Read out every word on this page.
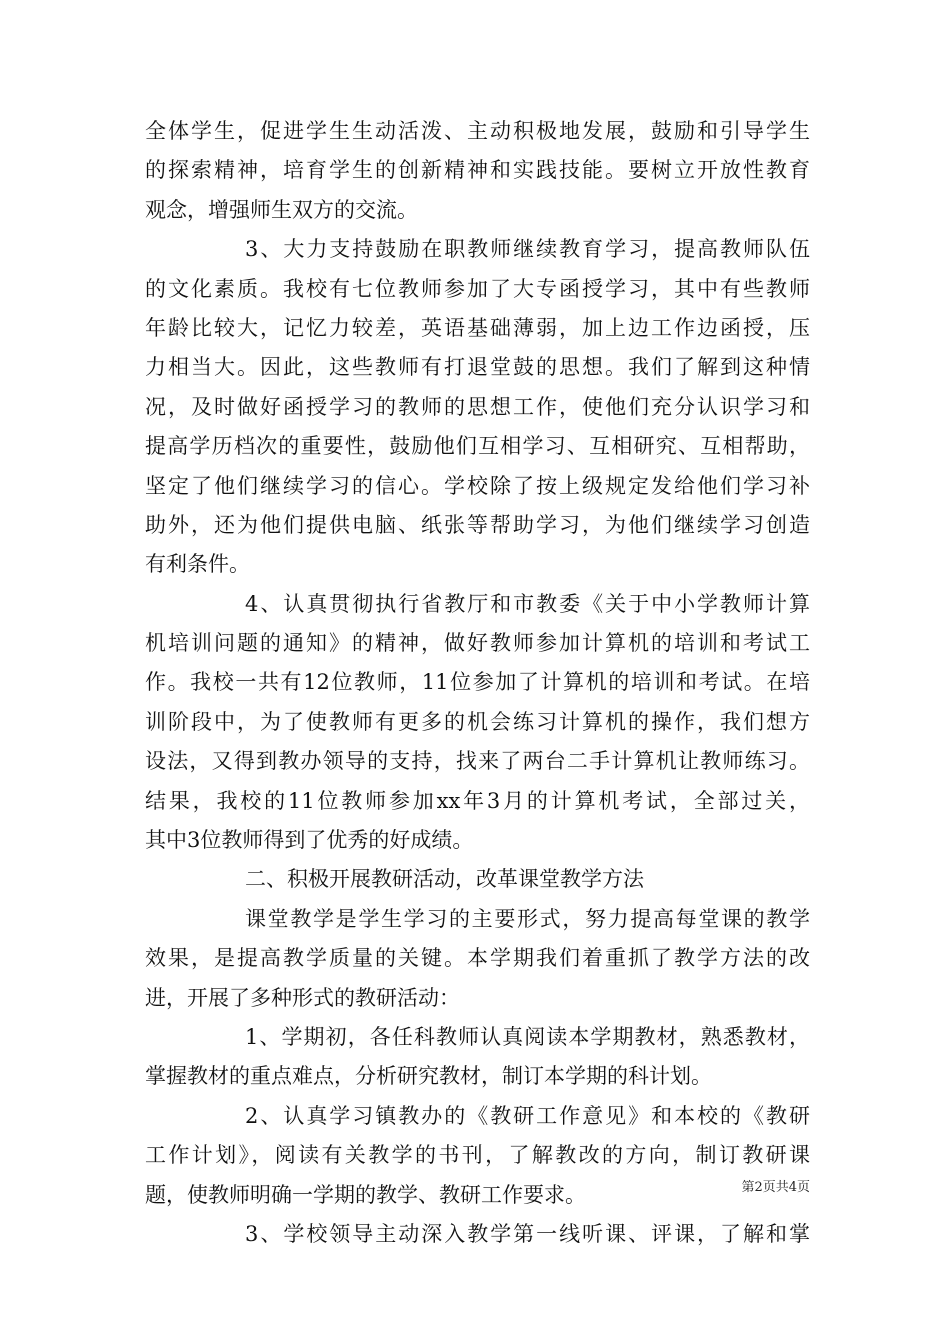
全体学生，促进学生生动活泼、主动积极地发展，鼓励和引导学生
的探索精神，培育学生的创新精神和实践技能。要树立开放性教育
观念，增强师生双方的交流。
3、大力支持鼓励在职教师继续教育学习，提高教师队伍
的文化素质。我校有七位教师参加了大专函授学习，其中有些教师
年龄比较大，记忆力较差，英语基础薄弱，加上边工作边函授，压
力相当大。因此，这些教师有打退堂鼓的思想。我们了解到这种情
况，及时做好函授学习的教师的思想工作，使他们充分认识学习和
提高学历档次的重要性，鼓励他们互相学习、互相研究、互相帮助，
坚定了他们继续学习的信心。学校除了按上级规定发给他们学习补
助外，还为他们提供电脑、纸张等帮助学习，为他们继续学习创造
有利条件。
4、认真贯彻执行省教厅和市教委《关于中小学教师计算
机培训问题的通知》的精神，做好教师参加计算机的培训和考试工
作。我校一共有12位教师，11位参加了计算机的培训和考试。在培
训阶段中，为了使教师有更多的机会练习计算机的操作，我们想方
设法，又得到教办领导的支持，找来了两台二手计算机让教师练习。
结果，我校的11位教师参加xx年3月的计算机考试，全部过关，
其中3位教师得到了优秀的好成绩。
二、积极开展教研活动，改革课堂教学方法
课堂教学是学生学习的主要形式，努力提高每堂课的教学
效果，是提高教学质量的关键。本学期我们着重抓了教学方法的改
进，开展了多种形式的教研活动：
1、学期初，各任科教师认真阅读本学期教材，熟悉教材，
掌握教材的重点难点，分析研究教材，制订本学期的科计划。
2、认真学习镇教办的《教研工作意见》和本校的《教研
工作计划》，阅读有关教学的书刊，了解教改的方向，制订教研课
题，使教师明确一学期的教学、教研工作要求。
3、学校领导主动深入教学第一线听课、评课，了解和掌
第2页共4页
